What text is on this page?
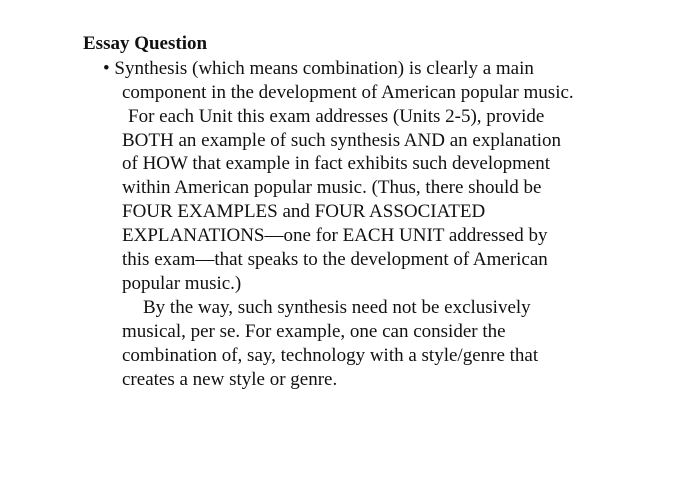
Essay Question
• Synthesis (which means combination) is clearly a main
component in the development of American popular music.
For each Unit this exam addresses (Units 2-5), provide
BOTH an example of such synthesis AND an explanation
of HOW that example in fact exhibits such development
within American popular music. (Thus, there should be
FOUR EXAMPLES and FOUR ASSOCIATED
EXPLANATIONS—one for EACH UNIT addressed by
this exam—that speaks to the development of American
popular music.)
By the way, such synthesis need not be exclusively
musical, per se. For example, one can consider the
combination of, say, technology with a style/genre that
creates a new style or genre.
